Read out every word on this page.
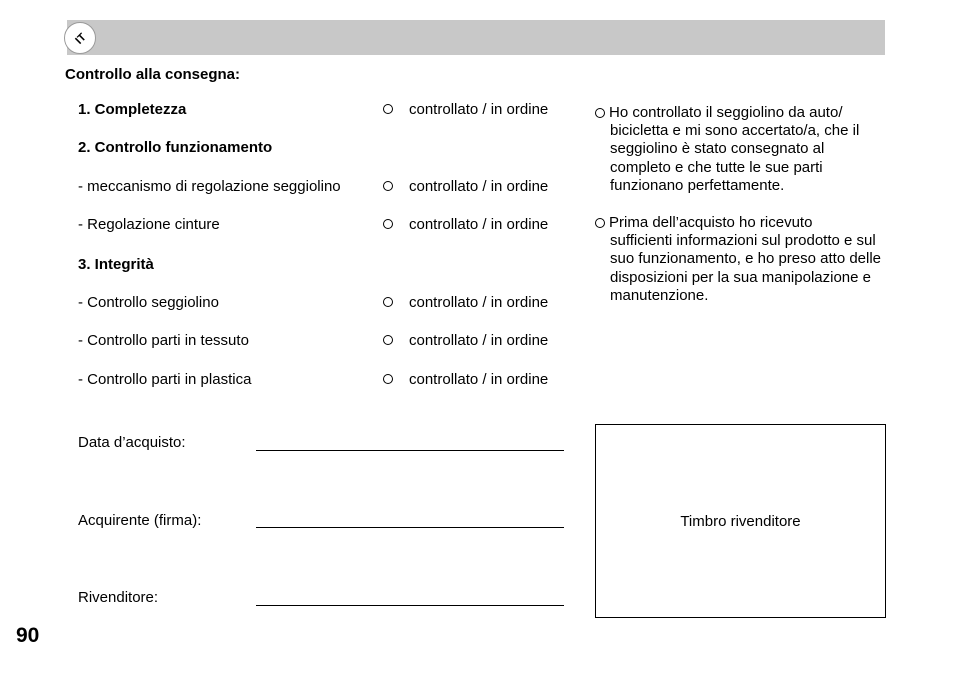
IT
Controllo alla consegna:
1. Completezza	controllato / in ordine
2. Controllo funzionamento
- meccanismo di regolazione seggiolino	controllato / in ordine
- Regolazione cinture	controllato / in ordine
3. Integrità
- Controllo seggiolino	controllato / in ordine
- Controllo parti in tessuto	controllato / in ordine
- Controllo parti in plastica	controllato / in ordine
Ho controllato il seggiolino da auto/
bicicletta e mi sono accertato/a, che il seggiolino è stato consegnato al completo e che tutte le sue parti funzionano perfettamente.
Prima dell’acquisto ho ricevuto
sufficienti informazioni sul prodotto e sul suo funzionamento, e ho preso atto delle disposizioni per la sua manipolazione e manutenzione.
Data d’acquisto:
Acquirente (firma):
Rivenditore:
Timbro rivenditore
90
